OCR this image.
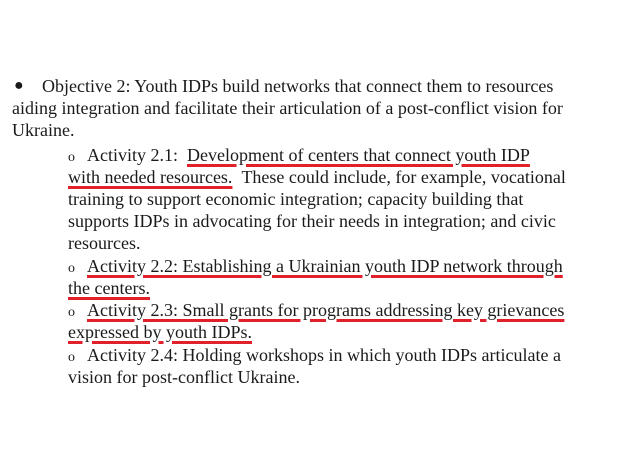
● Objective 2: Youth IDPs build networks that connect them to resources
aiding integration and facilitate their articulation of a post-conflict vision for
Ukraine.
o Activity 2.1: Development of centers that connect youth IDP
with needed resources. These could include, for example, vocational
training to support economic integration; capacity building that
supports IDPs in advocating for their needs in integration; and civic
resources.
o Activity 2.2: Establishing a Ukrainian youth IDP network through
the centers.
o Activity 2.3: Small grants for programs addressing key grievances
expressed by youth IDPs.
o Activity 2.4: Holding workshops in which youth IDPs articulate a
vision for post-conflict Ukraine.
